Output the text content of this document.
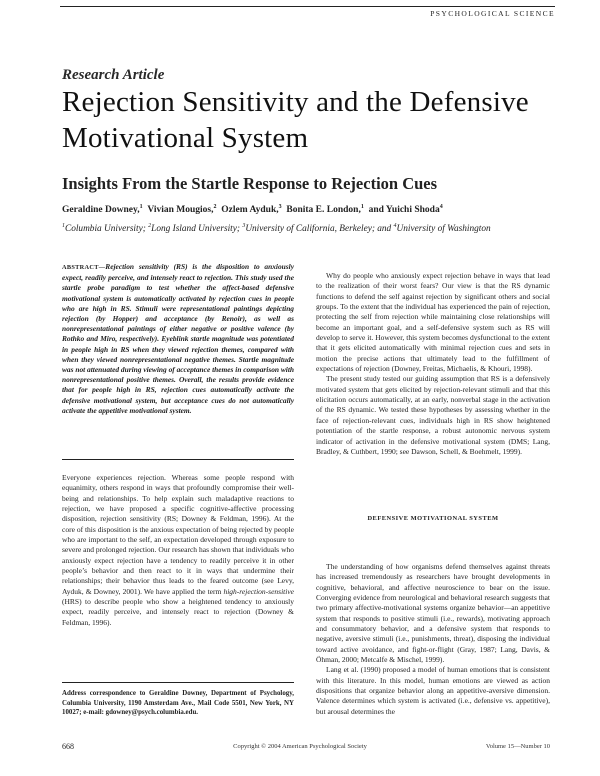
PSYCHOLOGICAL SCIENCE
Research Article
Rejection Sensitivity and the Defensive Motivational System
Insights From the Startle Response to Rejection Cues
Geraldine Downey,$^1$ Vivian Mougios,$^2$ Ozlem Ayduk,$^3$ Bonita E. London,$^1$ and Yuichi Shoda$^4$
$^1$Columbia University; $^2$Long Island University; $^3$University of California, Berkeley; and $^4$University of Washington
ABSTRACT—Rejection sensitivity (RS) is the disposition to anxiously expect, readily perceive, and intensely react to rejection. This study used the startle probe paradigm to test whether the affect-based defensive motivational system is automatically activated by rejection cues in people who are high in RS. Stimuli were representational paintings depicting rejection (by Hopper) and acceptance (by Renoir), as well as nonrepresentational paintings of either negative or positive valence (by Rothko and Miro, respectively). Eyeblink startle magnitude was potentiated in people high in RS when they viewed rejection themes, compared with when they viewed nonrepresentational negative themes. Startle magnitude was not attenuated during viewing of acceptance themes in comparison with nonrepresentational positive themes. Overall, the results provide evidence that for people high in RS, rejection cues automatically activate the defensive motivational system, but acceptance cues do not automatically activate the appetitive motivational system.

Everyone experiences rejection. Whereas some people respond with equanimity, others respond in ways that profoundly compromise their well-being and relationships. To help explain such maladaptive reactions to rejection, we have proposed a specific cognitive-affective processing disposition, rejection sensitivity (RS; Downey & Feldman, 1996). At the core of this disposition is the anxious expectation of being rejected by people who are important to the self, an expectation developed through exposure to severe and prolonged rejection. Our research has shown that individuals who anxiously expect rejection have a tendency to readily perceive it in other people’s behavior and then react to it in ways that undermine their relationships; their behavior thus leads to the feared outcome (see Levy, Ayduk, & Downey, 2001). We have applied the term high-rejection-sensitive (HRS) to describe people who show a heightened tendency to anxiously expect, readily perceive, and intensely react to rejection (Downey & Feldman, 1996).

Why do people who anxiously expect rejection behave in ways that lead to the realization of their worst fears? Our view is that the RS dynamic functions to defend the self against rejection by significant others and social groups. To the extent that the individual has experienced the pain of rejection, protecting the self from rejection while maintaining close relationships will become an important goal, and a self-defensive system such as RS will develop to serve it. However, this system becomes dysfunctional to the extent that it gets elicited automatically with minimal rejection cues and sets in motion the precise actions that ultimately lead to the fulfillment of expectations of rejection (Downey, Freitas, Michaelis, & Khouri, 1998).

The present study tested our guiding assumption that RS is a defensively motivated system that gets elicited by rejection-relevant stimuli and that this elicitation occurs automatically, at an early, nonverbal stage in the activation of the RS dynamic. We tested these hypotheses by assessing whether in the face of rejection-relevant cues, individuals high in RS show heightened potentiation of the startle response, a robust autonomic nervous system indicator of activation in the defensive motivational system (DMS; Lang, Bradley, & Cuthbert, 1990; see Dawson, Schell, & Boehmelt, 1999).

DEFENSIVE MOTIVATIONAL SYSTEM

The understanding of how organisms defend themselves against threats has increased tremendously as researchers have brought developments in cognitive, behavioral, and affective neuroscience to bear on the issue. Converging evidence from neurological and behavioral research suggests that two primary affective-motivational systems organize behavior—an appetitive system that responds to positive stimuli (i.e., rewards), motivating approach and consummatory behavior, and a defensive system that responds to negative, aversive stimuli (i.e., punishments, threat), disposing the individual toward active avoidance, and fight-or-flight (Gray, 1987; Lang, Davis, & Öhman, 2000; Metcalfe & Mischel, 1999).

Lang et al. (1990) proposed a model of human emotions that is consistent with this literature. In this model, human emotions are viewed as action dispositions that organize behavior along an appetitive-aversive dimension. Valence determines which system is activated (i.e., defensive vs. appetitive), but arousal determines the

Address correspondence to Geraldine Downey, Department of Psychology, Columbia University, 1190 Amsterdam Ave., Mail Code 5501, New York, NY 10027; e-mail: gdowney@psych.columbia.edu.
668	Copyright © 2004 American Psychological Society	Volume 15—Number 10
